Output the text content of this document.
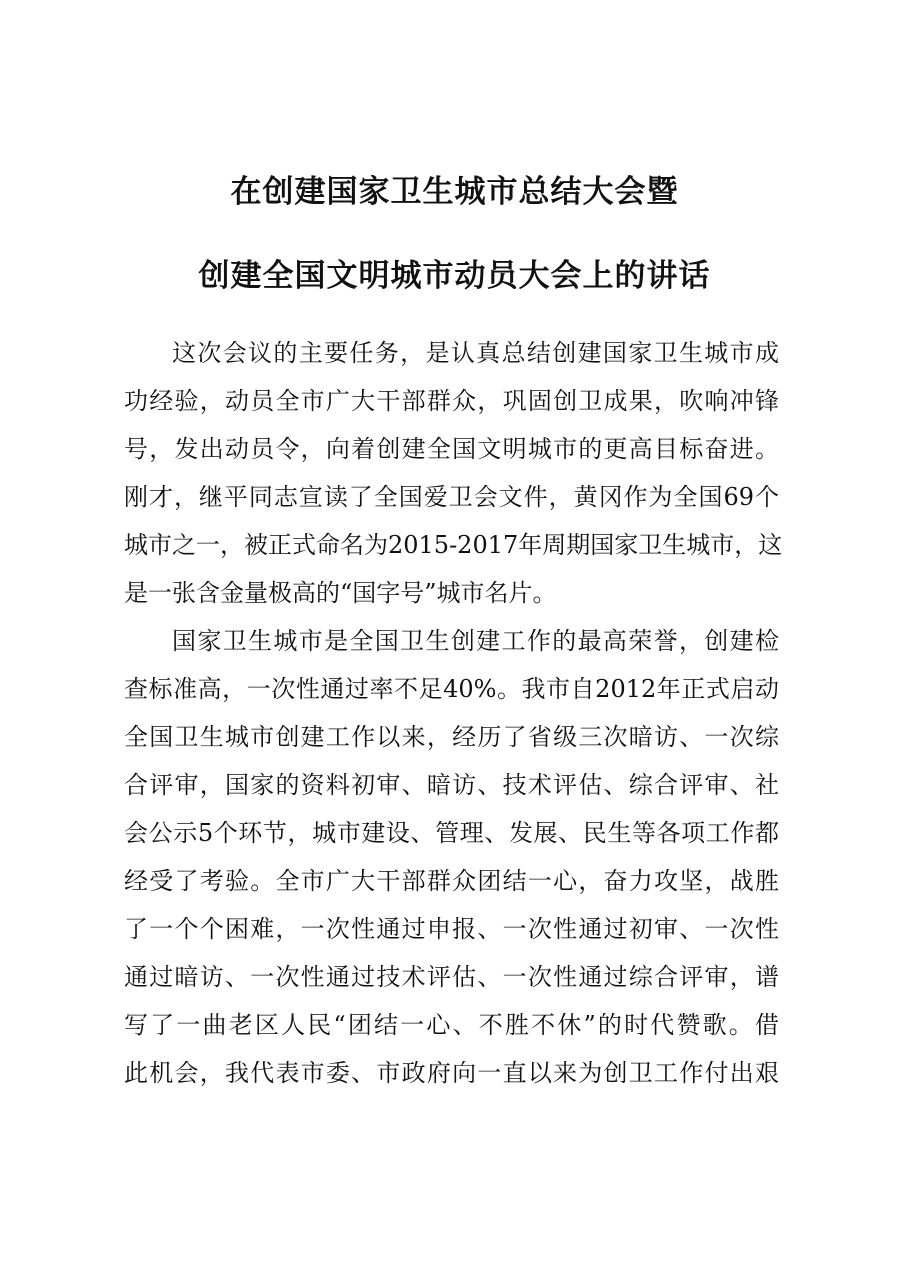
在创建国家卫生城市总结大会暨
创建全国文明城市动员大会上的讲话
这次会议的主要任务，是认真总结创建国家卫生城市成
功经验，动员全市广大干部群众，巩固创卫成果，吹响冲锋
号，发出动员令，向着创建全国文明城市的更高目标奋进。
刚才，继平同志宣读了全国爱卫会文件，黄冈作为全国69个
城市之一，被正式命名为2015-2017年周期国家卫生城市，这
是一张含金量极高的“国字号”城市名片。
国家卫生城市是全国卫生创建工作的最高荣誉，创建检
查标准高，一次性通过率不足40%。我市自2012年正式启动
全国卫生城市创建工作以来，经历了省级三次暗访、一次综
合评审，国家的资料初审、暗访、技术评估、综合评审、社
会公示5个环节，城市建设、管理、发展、民生等各项工作都
经受了考验。全市广大干部群众团结一心，奋力攻坚，战胜
了一个个困难，一次性通过申报、一次性通过初审、一次性
通过暗访、一次性通过技术评估、一次性通过综合评审，谱
写了一曲老区人民“团结一心、不胜不休”的时代赞歌。借
此机会，我代表市委、市政府向一直以来为创卫工作付出艰
